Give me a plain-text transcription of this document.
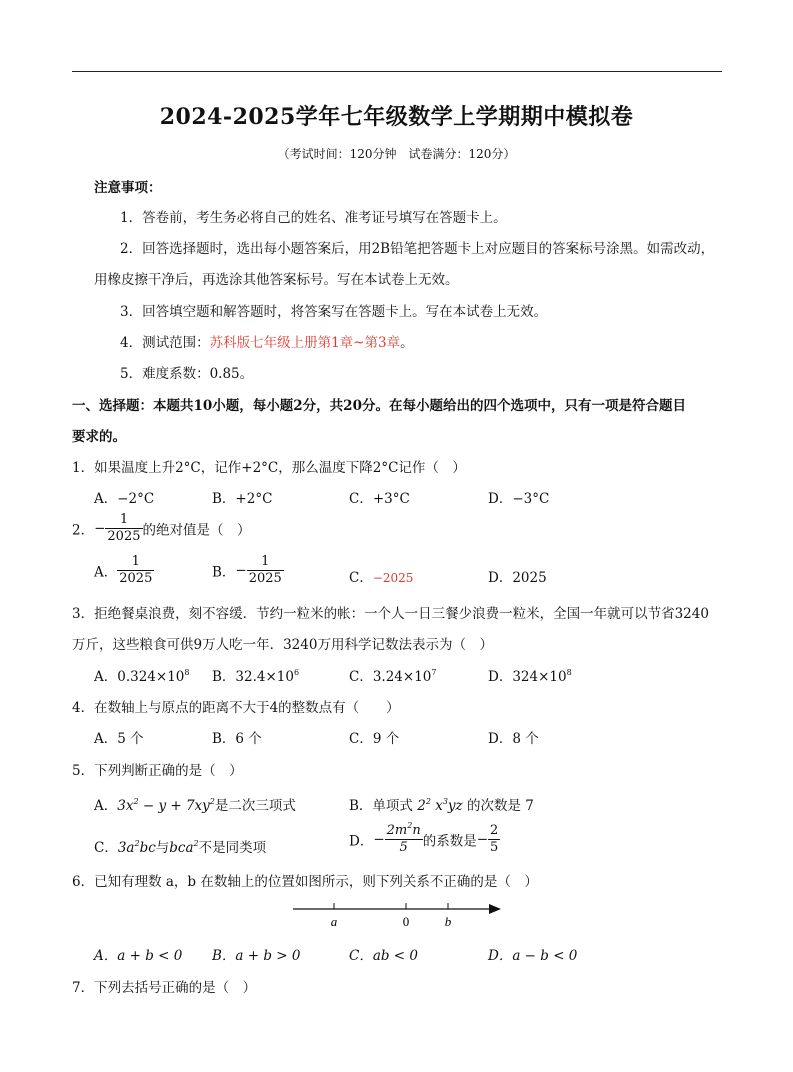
2024-2025学年七年级数学上学期期中模拟卷
（考试时间：120分钟　试卷满分：120分）
注意事项：
1．答卷前，考生务必将自己的姓名、准考证号填写在答题卡上。
2．回答选择题时，选出每小题答案后，用2B铅笔把答题卡上对应题目的答案标号涂黑。如需改动，
用橡皮擦干净后，再选涂其他答案标号。写在本试卷上无效。
3．回答填空题和解答题时，将答案写在答题卡上。写在本试卷上无效。
4．测试范围：苏科版七年级上册第1章~第3章。
5．难度系数：0.85。
一、选择题：本题共10小题，每小题2分，共20分。在每小题给出的四个选项中，只有一项是符合题目
要求的。
1．如果温度上升2°C，记作+2°C，那么温度下降2°C记作（　）
A．−2°C	B．+2°C	C．+3°C	D．−3°C
2．− $\frac{1}{2025}$ 的绝对值是（　）
A． $\frac{1}{2025}$	B．− $\frac{1}{2025}$	C．−2025	D．2025
3．拒绝餐桌浪费，刻不容缓．节约一粒米的帐：一个人一日三餐少浪费一粒米，全国一年就可以节省3240
万斤，这些粮食可供9万人吃一年．3240万用科学记数法表示为（　）
A．$0.324\times 10^8$ B．$32.4\times 10^6$	C．$3.24\times 10^7$	D．$324\times 10^8$
4．在数轴上与原点的距离不大于4的整数点有（　　）
A．5 个	B．6 个	C．9 个	D．8 个
5．下列判断正确的是（　）
A．$3x^2 - y + 7xy^2$是二次三项式	B．单项式 $2^2$ $x^3yz$ 的次数是 7
C．$3a^2bc$与bca$^2$不是同类项	D．− $\frac{2m^2n}{5}$ 的系数是− $\frac{2}{5}$
6．已知有理数 a，b 在数轴上的位置如图所示，则下列关系不正确的是（　）
a	0	b
A．a + b < 0 B．a + b > 0	C．ab < 0	D．a − b < 0
7．下列去括号正确的是（　）
